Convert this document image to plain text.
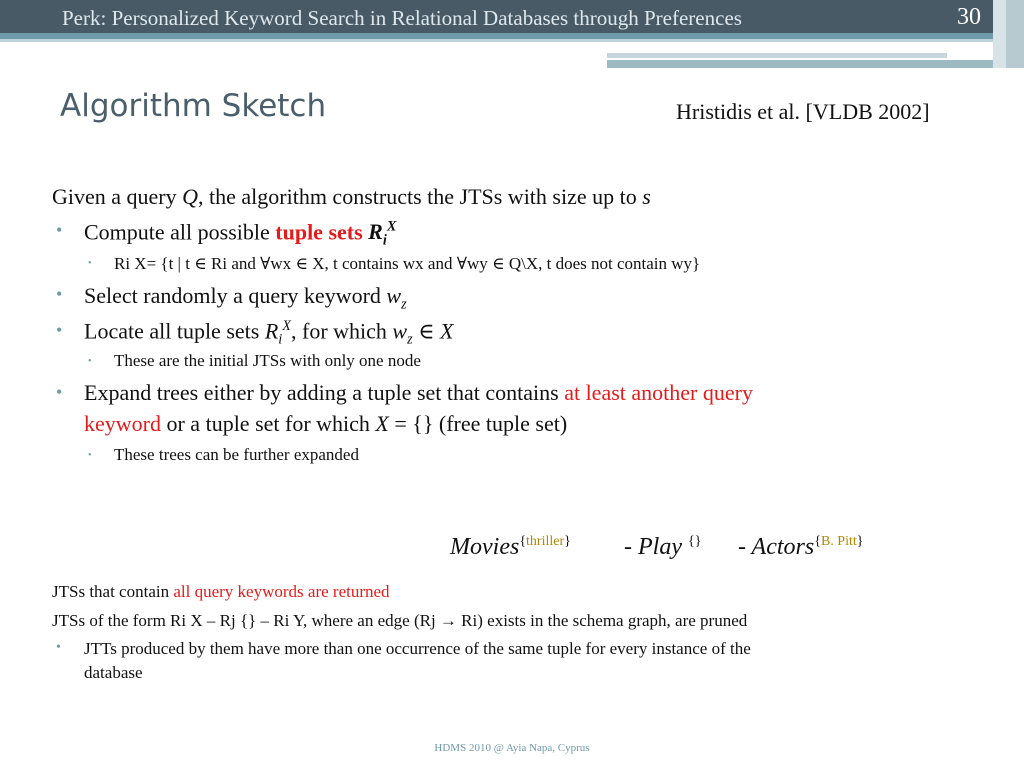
Perk: Personalized Keyword Search in Relational Databases through Preferences	30
Algorithm Sketch	Hristidis et al. [VLDB 2002]
Given a query Q, the algorithm constructs the JTSs with size up to s
• Compute all possible tuple sets $R_i^X$
• Ri X= {t | t ∈ Ri and ∀wx ∈ X, t contains wx and ∀wy ∈ Q\X, t does not contain wy}
• Select randomly a query keyword $w_z$
• Locate all tuple sets $R_i^X$, for which $w_z$ ∈ X
• These are the initial JTSs with only one node
• Expand trees either by adding a tuple set that contains at least another query
keyword or a tuple set for which X = {} (free tuple set)
• These trees can be further expanded
Movies$^{\{thriller\}}$ - Play {} - Actors$^{\{B. Pitt\}}$
JTSs that contain all query keywords are returned
JTSs of the form Ri X – Rj {} – Ri Y, where an edge (Rj → Ri) exists in the schema graph, are pruned
• JTTs produced by them have more than one occurrence of the same tuple for every instance of the
database
HDMS 2010 @ Ayia Napa, Cyprus
